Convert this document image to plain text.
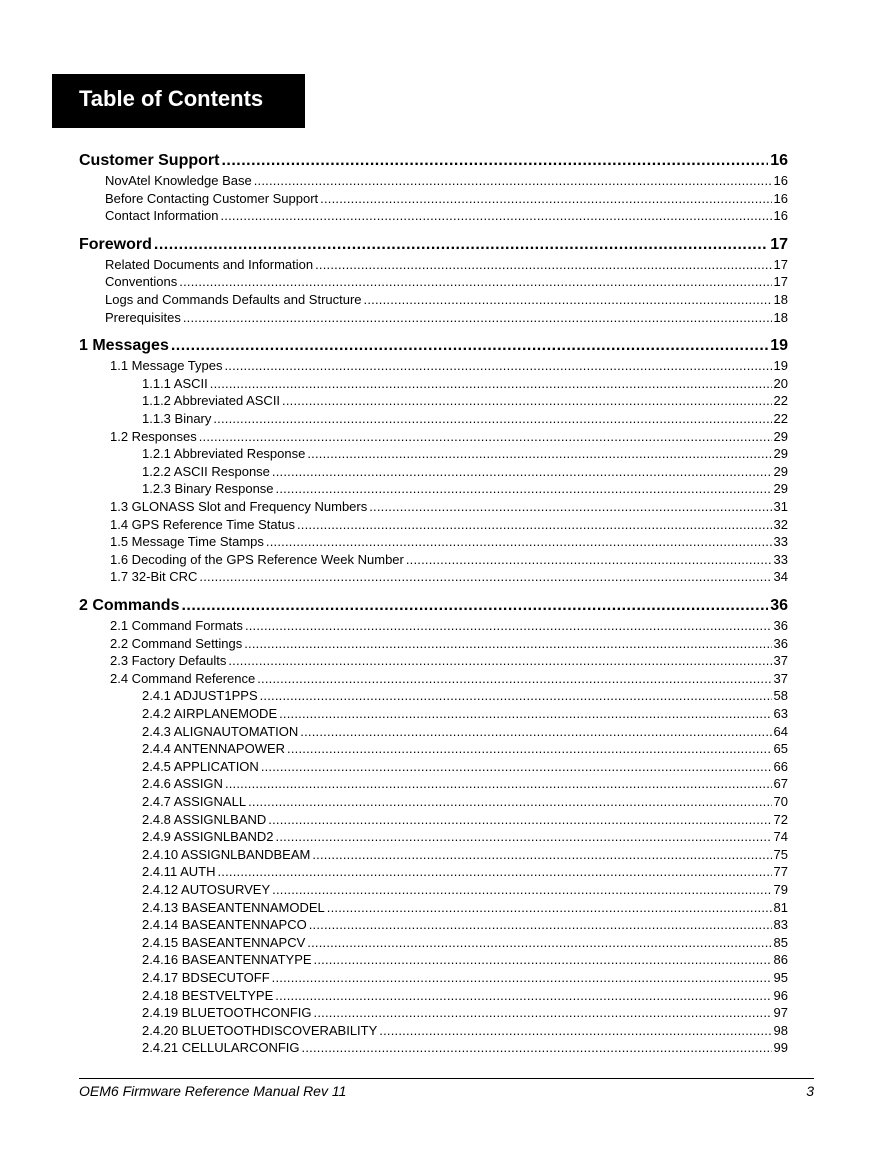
Table of Contents
Customer Support .....	16
NovAtel Knowledge Base .....	16
Before Contacting Customer Support .....	16
Contact Information .....	16
Foreword .....	17
Related Documents and Information .....	17
Conventions .....	17
Logs and Commands Defaults and Structure .....	18
Prerequisites .....	18
1 Messages .....	19
1.1 Message Types .....	19
1.1.1 ASCII .....	20
1.1.2 Abbreviated ASCII .....	22
1.1.3 Binary .....	22
1.2 Responses .....	29
1.2.1 Abbreviated Response .....	29
1.2.2 ASCII Response .....	29
1.2.3 Binary Response .....	29
1.3 GLONASS Slot and Frequency Numbers .....	31
1.4 GPS Reference Time Status .....	32
1.5 Message Time Stamps .....	33
1.6 Decoding of the GPS Reference Week Number .....	33
1.7 32-Bit CRC .....	34
2 Commands .....	36
2.1 Command Formats .....	36
2.2 Command Settings .....	36
2.3 Factory Defaults .....	37
2.4 Command Reference .....	37
2.4.1 ADJUST1PPS .....	58
2.4.2 AIRPLANEMODE .....	63
2.4.3 ALIGNAUTOMATION .....	64
2.4.4 ANTENNAPOWER .....	65
2.4.5 APPLICATION .....	66
2.4.6 ASSIGN .....	67
2.4.7 ASSIGNALL .....	70
2.4.8 ASSIGNLBAND .....	72
2.4.9 ASSIGNLBAND2 .....	74
2.4.10 ASSIGNLBANDBEAM .....	75
2.4.11 AUTH .....	77
2.4.12 AUTOSURVEY .....	79
2.4.13 BASEANTENNAMODEL .....	81
2.4.14 BASEANTENNAPCO .....	83
2.4.15 BASEANTENNAPCV .....	85
2.4.16 BASEANTENNATYPE .....	86
2.4.17 BDSECUTOFF .....	95
2.4.18 BESTVELTYPE .....	96
2.4.19 BLUETOOTHCONFIG .....	97
2.4.20 BLUETOOTHDISCOVERABILITY .....	98
2.4.21 CELLULARCONFIG .....	99
OEM6 Firmware Reference Manual Rev 11	3
